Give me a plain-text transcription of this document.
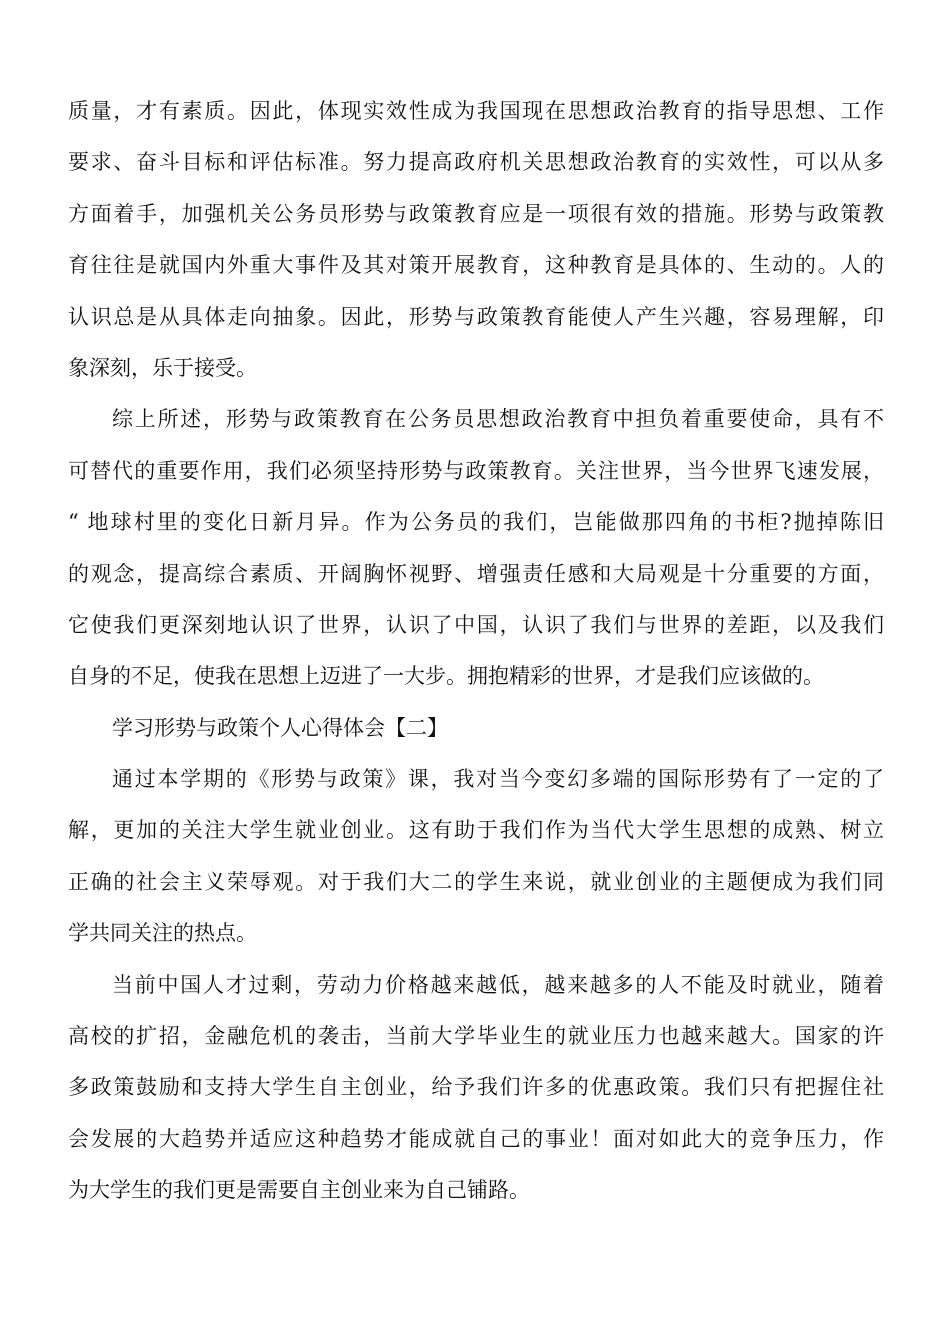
质量，才有素质。因此，体现实效性成为我国现在思想政治教育的指导思想、工作
要求、奋斗目标和评估标准。努力提高政府机关思想政治教育的实效性，可以从多
方面着手，加强机关公务员形势与政策教育应是一项很有效的措施。形势与政策教
育往往是就国内外重大事件及其对策开展教育，这种教育是具体的、生动的。人的
认识总是从具体走向抽象。因此，形势与政策教育能使人产生兴趣，容易理解，印
象深刻，乐于接受。
综上所述，形势与政策教育在公务员思想政治教育中担负着重要使命，具有不
可替代的重要作用，我们必须坚持形势与政策教育。关注世界，当今世界飞速发展，
“ 地球村里的变化日新月异。作为公务员的我们，岂能做那四角的书柜?抛掉陈旧
的观念，提高综合素质、开阔胸怀视野、增强责任感和大局观是十分重要的方面，
它使我们更深刻地认识了世界，认识了中国，认识了我们与世界的差距，以及我们
自身的不足，使我在思想上迈进了一大步。拥抱精彩的世界，才是我们应该做的。
学习形势与政策个人心得体会【二】
通过本学期的《形势与政策》课，我对当今变幻多端的国际形势有了一定的了
解，更加的关注大学生就业创业。这有助于我们作为当代大学生思想的成熟、树立
正确的社会主义荣辱观。对于我们大二的学生来说，就业创业的主题便成为我们同
学共同关注的热点。
当前中国人才过剩，劳动力价格越来越低，越来越多的人不能及时就业，随着
高校的扩招，金融危机的袭击，当前大学毕业生的就业压力也越来越大。国家的许
多政策鼓励和支持大学生自主创业，给予我们许多的优惠政策。我们只有把握住社
会发展的大趋势并适应这种趋势才能成就自己的事业！面对如此大的竞争压力，作
为大学生的我们更是需要自主创业来为自己铺路。
